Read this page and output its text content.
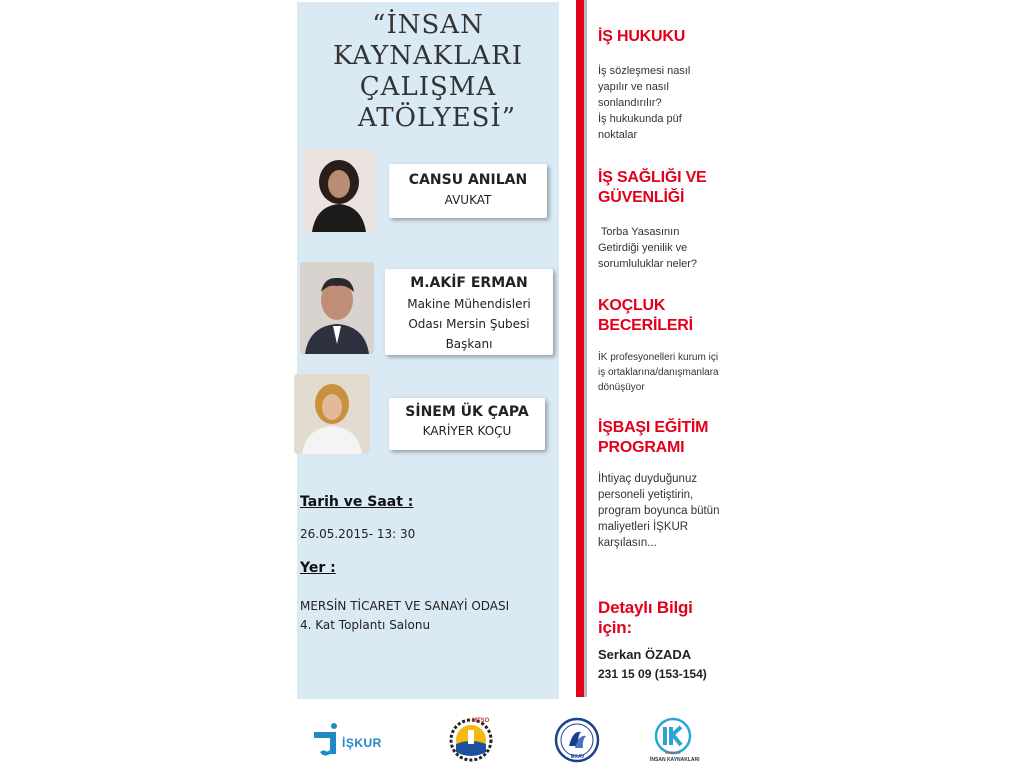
“İNSAN
KAYNAKLARI
ÇALIŞMA
ATÖLYESİ”
CANSU ANILAN
AVUKAT
M.AKİF ERMAN
Makine Mühendisleri
Odası Mersin Şubesi
Başkanı
SİNEM ÜK ÇAPA
KARİYER KOÇU
Tarih ve Saat :
26.05.2015- 13: 30
Yer :
MERSİN TİCARET VE SANAYİ ODASI
4. Kat Toplantı Salonu
İŞ HUKUKU
İş sözleşmesi nasıl
yapılır ve nasıl
sonlandırılır?
İş hukukunda püf
noktalar
İŞ SAĞLIĞI VE
GÜVENLİĞİ
Torba Yasasının
Getirdiği yenilik ve
sorumluluklar neler?
KOÇLUK
BECERİLERİ
İK profesyonelleri kurum içi
iş ortaklarına/danışmanlara
dönüşüyor
İŞBAŞI EĞİTİM
PROGRAMI
İhtiyaç duyduğunuz
personeli yetiştirin,
program boyunca bütün
maliyetleri İŞKUR
karşılasın...
Detaylı Bilgi
için:
Serkan ÖZADA
231 15 09 (153-154)
İŞKUR
MTSO
EKAV
MERSİN
İNSAN KAYNAKLARI
